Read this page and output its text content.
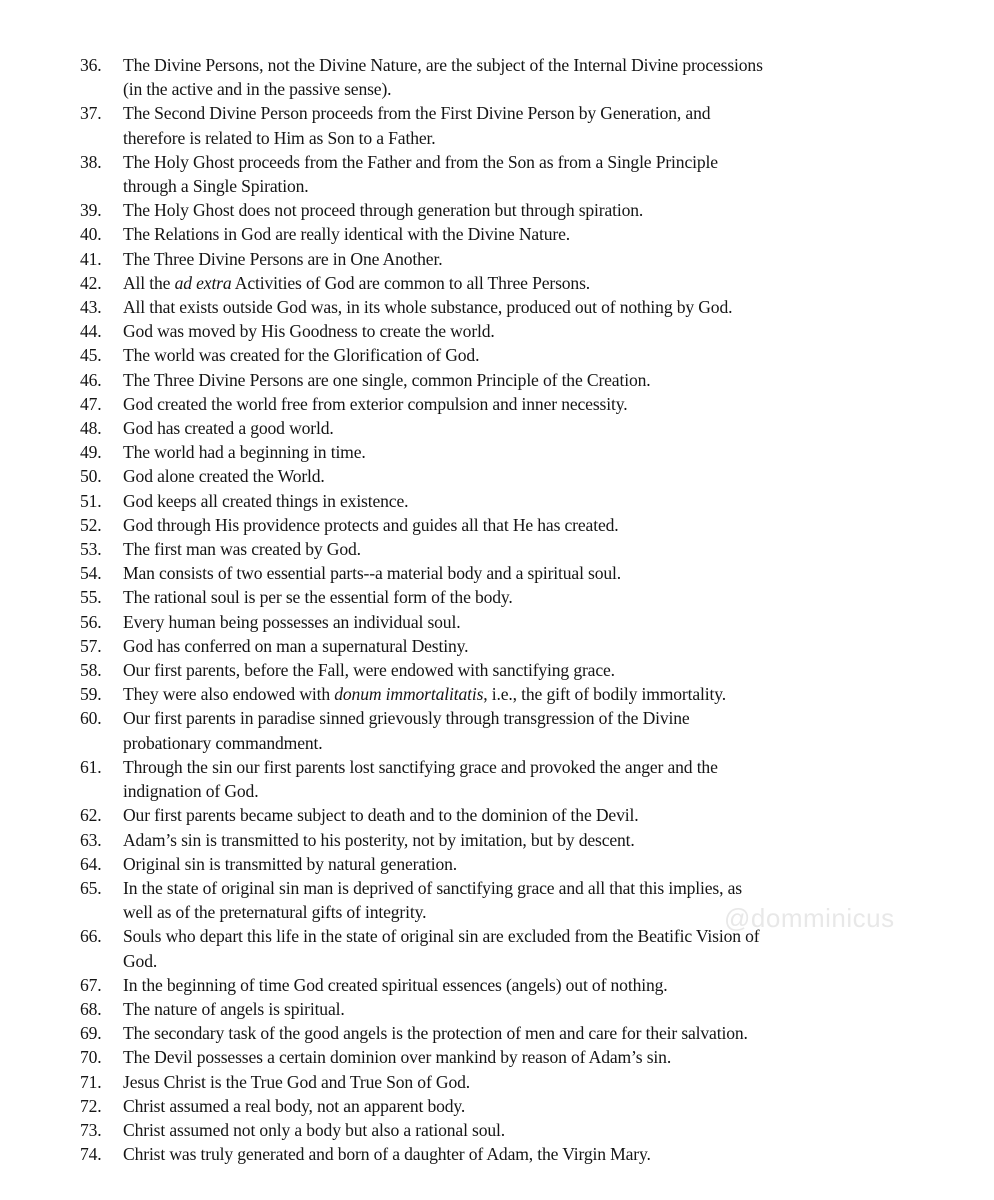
36.	The Divine Persons, not the Divine Nature, are the subject of the Internal Divine processions
(in the active and in the passive sense).
37.	The Second Divine Person proceeds from the First Divine Person by Generation, and
therefore is related to Him as Son to a Father.
38.	The Holy Ghost proceeds from the Father and from the Son as from a Single Principle
through a Single Spiration.
39.	The Holy Ghost does not proceed through generation but through spiration.
40.	The Relations in God are really identical with the Divine Nature.
41.	The Three Divine Persons are in One Another.
42.	All the ad extra Activities of God are common to all Three Persons.
43.	All that exists outside God was, in its whole substance, produced out of nothing by God.
44.	God was moved by His Goodness to create the world.
45.	The world was created for the Glorification of God.
46.	The Three Divine Persons are one single, common Principle of the Creation.
47.	God created the world free from exterior compulsion and inner necessity.
48.	God has created a good world.
49.	The world had a beginning in time.
50.	God alone created the World.
51.	God keeps all created things in existence.
52.	God through His providence protects and guides all that He has created.
53.	The first man was created by God.
54.	Man consists of two essential parts--a material body and a spiritual soul.
55.	The rational soul is per se the essential form of the body.
56.	Every human being possesses an individual soul.
57.	God has conferred on man a supernatural Destiny.
58.	Our first parents, before the Fall, were endowed with sanctifying grace.
59.	They were also endowed with donum immortalitatis, i.e., the gift of bodily immortality.
60.	Our first parents in paradise sinned grievously through transgression of the Divine
probationary commandment.
61.	Through the sin our first parents lost sanctifying grace and provoked the anger and the
indignation of God.
62.	Our first parents became subject to death and to the dominion of the Devil.
63.	Adam’s sin is transmitted to his posterity, not by imitation, but by descent.
64.	Original sin is transmitted by natural generation.
65.	In the state of original sin man is deprived of sanctifying grace and all that this implies, as
well as of the preternatural gifts of integrity.
66.	Souls who depart this life in the state of original sin are excluded from the Beatific Vision of
God.
67.	In the beginning of time God created spiritual essences (angels) out of nothing.
68.	The nature of angels is spiritual.
69.	The secondary task of the good angels is the protection of men and care for their salvation.
70.	The Devil possesses a certain dominion over mankind by reason of Adam’s sin.
71.	Jesus Christ is the True God and True Son of God.
72.	Christ assumed a real body, not an apparent body.
73.	Christ assumed not only a body but also a rational soul.
74.	Christ was truly generated and born of a daughter of Adam, the Virgin Mary.
@domminicus
